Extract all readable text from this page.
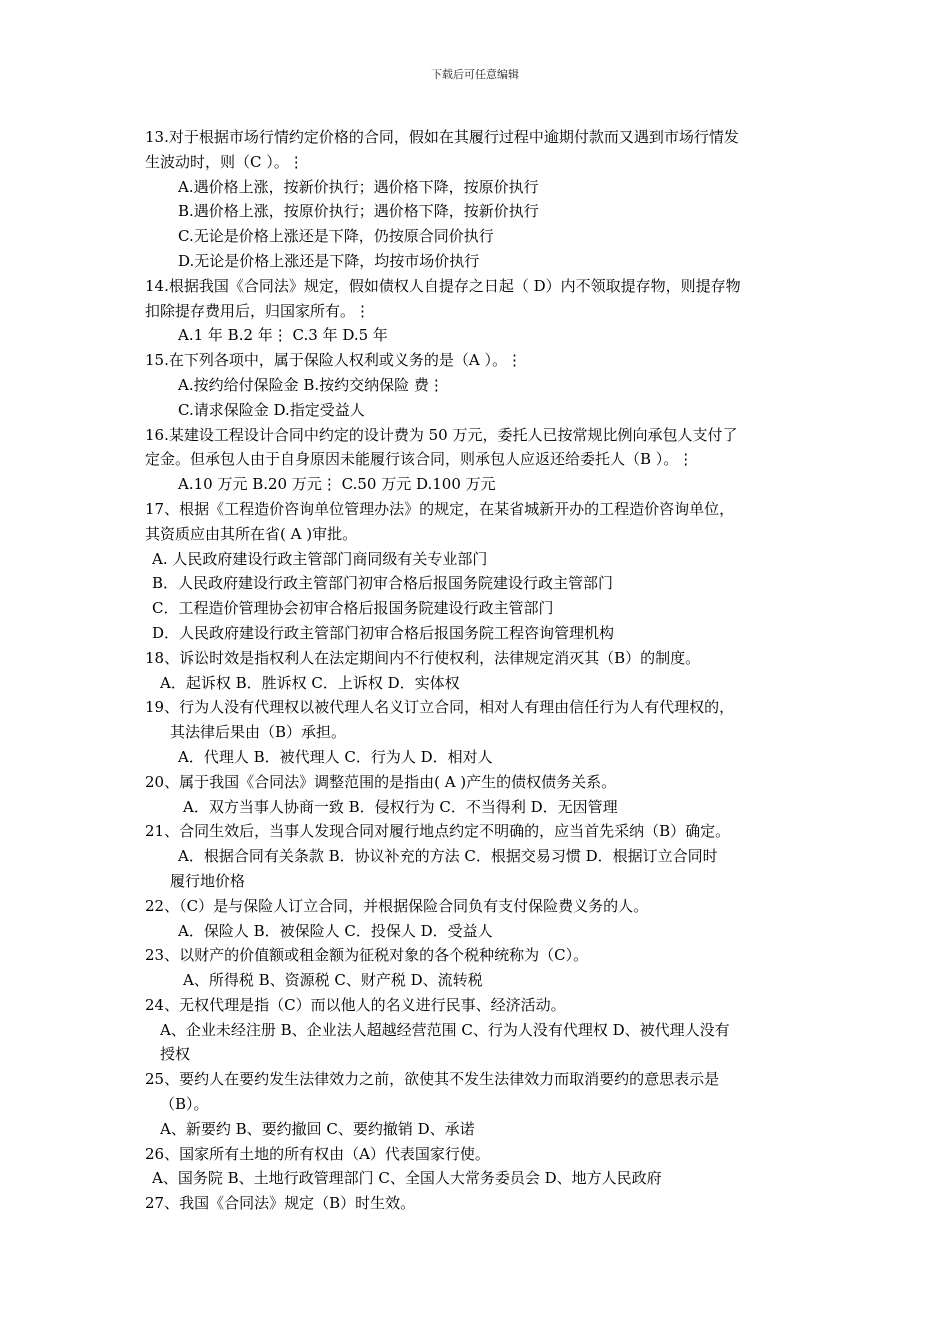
下载后可任意编辑
13.对于根据市场行情约定价格的合同，假如在其履行过程中逾期付款而又遇到市场行情发
生波动时，则（C ）。⋮
A.遇价格上涨，按新价执行；遇价格下降，按原价执行
B.遇价格上涨，按原价执行；遇价格下降，按新价执行
C.无论是价格上涨还是下降，仍按原合同价执行
D.无论是价格上涨还是下降，均按市场价执行
14.根据我国《合同法》规定，假如债权人自提存之日起（ D）内不领取提存物，则提存物
扣除提存费用后，归国家所有。⋮
A.1 年 B.2 年⋮ C.3 年 D.5 年
15.在下列各项中，属于保险人权利或义务的是（A ）。⋮
A.按约给付保险金 B.按约交纳保险 费⋮
C.请求保险金 D.指定受益人
16.某建设工程设计合同中约定的设计费为 50 万元，委托人已按常规比例向承包人支付了
定金。但承包人由于自身原因未能履行该合同，则承包人应返还给委托人（B ）。⋮
A.10 万元 B.20 万元⋮ C.50 万元 D.100 万元
17、根据《工程造价咨询单位管理办法》的规定，在某省城新开办的工程造价咨询单位，
其资质应由其所在省( A )审批。
A. 人民政府建设行政主管部门商同级有关专业部门
B．人民政府建设行政主管部门初审合格后报国务院建设行政主管部门
C．工程造价管理协会初审合格后报国务院建设行政主管部门
D．人民政府建设行政主管部门初审合格后报国务院工程咨询管理机构
18、诉讼时效是指权利人在法定期间内不行使权利，法律规定消灭其（B）的制度。
A．起诉权 B．胜诉权 C．上诉权 D．实体权
19、行为人没有代理权以被代理人名义订立合同，相对人有理由信任行为人有代理权的，
其法律后果由（B）承担。
A．代理人 B．被代理人 C．行为人 D．相对人
20、属于我国《合同法》调整范围的是指由( A )产生的债权债务关系。
A．双方当事人协商一致 B．侵权行为 C．不当得利 D．无因管理
21、合同生效后，当事人发现合同对履行地点约定不明确的，应当首先采纳（B）确定。
A．根据合同有关条款 B．协议补充的方法 C．根据交易习惯 D．根据订立合同时
履行地价格
22、（C）是与保险人订立合同，并根据保险合同负有支付保险费义务的人。
A．保险人 B．被保险人 C．投保人 D．受益人
23、以财产的价值额或租金额为征税对象的各个税种统称为（C）。
A、所得税 B、资源税 C、财产税 D、流转税
24、无权代理是指（C）而以他人的名义进行民事、经济活动。
A、企业未经注册 B、企业法人超越经营范围 C、行为人没有代理权 D、被代理人没有
授权
25、要约人在要约发生法律效力之前，欲使其不发生法律效力而取消要约的意思表示是
（B）。
A、新要约 B、要约撤回 C、要约撤销 D、承诺
26、国家所有土地的所有权由（A）代表国家行使。
A、国务院 B、土地行政管理部门 C、全国人大常务委员会 D、地方人民政府
27、我国《合同法》规定（B）时生效。
